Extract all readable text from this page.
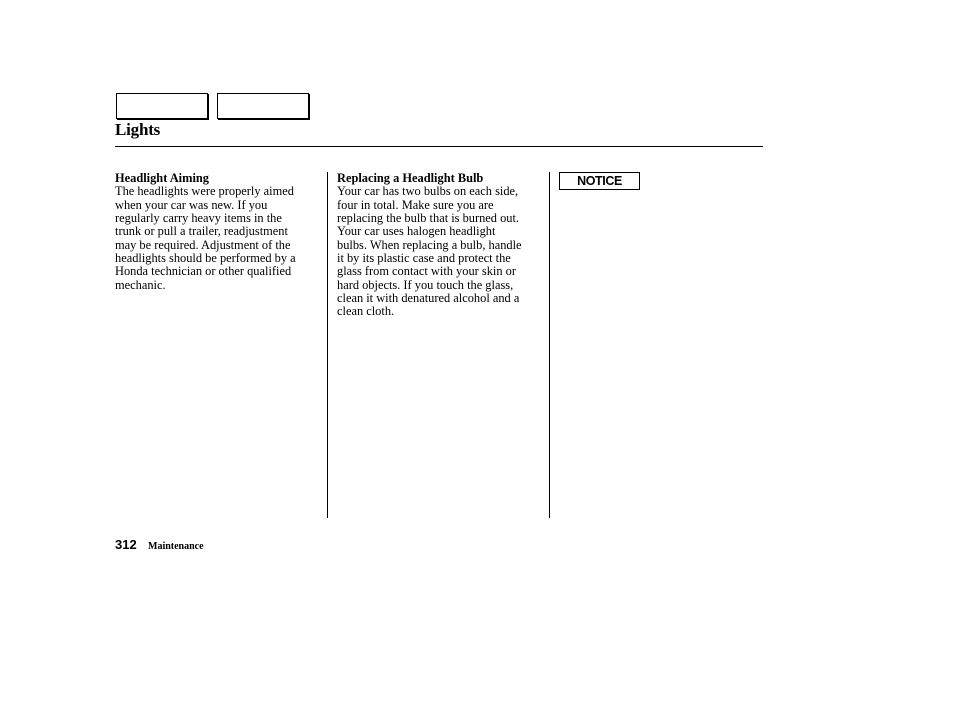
Lights
Headlight Aiming
The headlights were properly aimed
when your car was new. If you
regularly carry heavy items in the
trunk or pull a trailer, readjustment
may be required. Adjustment of the
headlights should be performed by a
Honda technician or other qualified
mechanic.
Replacing a Headlight Bulb
Your car has two bulbs on each side,
four in total. Make sure you are
replacing the bulb that is burned out.
Your car uses halogen headlight
bulbs. When replacing a bulb, handle
it by its plastic case and protect the
glass from contact with your skin or
hard objects. If you touch the glass,
clean it with denatured alcohol and a
clean cloth.
NOTICE
312 Maintenance
